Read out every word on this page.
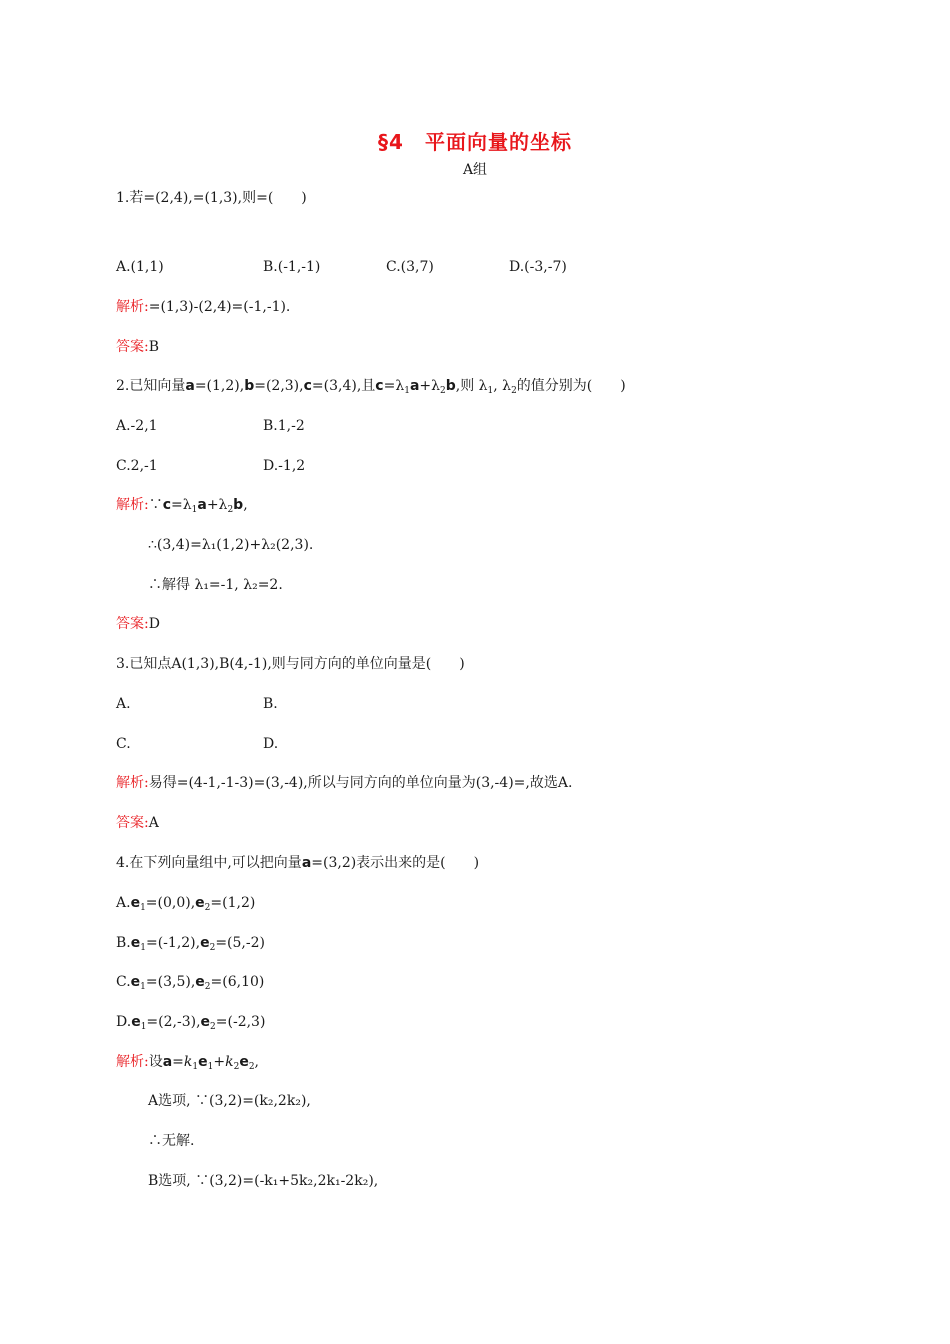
§4　平面向量的坐标
A组
1.若=(2,4),=(1,3),则=(　　)
A.(1,1)	B.(-1,-1)	C.(3,7)	D.(-3,-7)
解析:=(1,3)-(2,4)=(-1,-1).
答案:B
2.已知向量a=(1,2),b=(2,3),c=(3,4),且$c=\lambda_1a+\lambda_2b$,则 $\lambda_1$, $\lambda_2$的值分别为(　　)
A.-2,1	B.1,-2
C.2,-1	D.-1,2
解析$:\because c=\lambda_1a+\lambda_2b$,
∴(3,4)=λ₁(1,2)+λ₂(2,3).
∴解得 λ₁=-1, λ₂=2.
答案:D
3.已知点A(1,3),B(4,-1),则与同方向的单位向量是(　　)
A.	B.
C.	D.
解析:易得=(4-1,-1-3)=(3,-4),所以与同方向的单位向量为(3,-4)=,故选A.
答案:A
4.在下列向量组中,可以把向量a=(3,2)表示出来的是(　　)
$A.e_1=(0,0),e_2=(1,2)$
$B.e_1=(-1,2),e_2=(5,-2)$
$C.e_1=(3,5),e_2=(6,10)$
$D.e_1=(2,-3),e_2=(-2,3)$
解析:设$a=k_1e_1+k_2e_2$,
A选项, ∵(3,2)=(k₂,2k₂),
∴无解.
B选项, ∵(3,2)=(-k₁+5k₂,2k₁-2k₂),
